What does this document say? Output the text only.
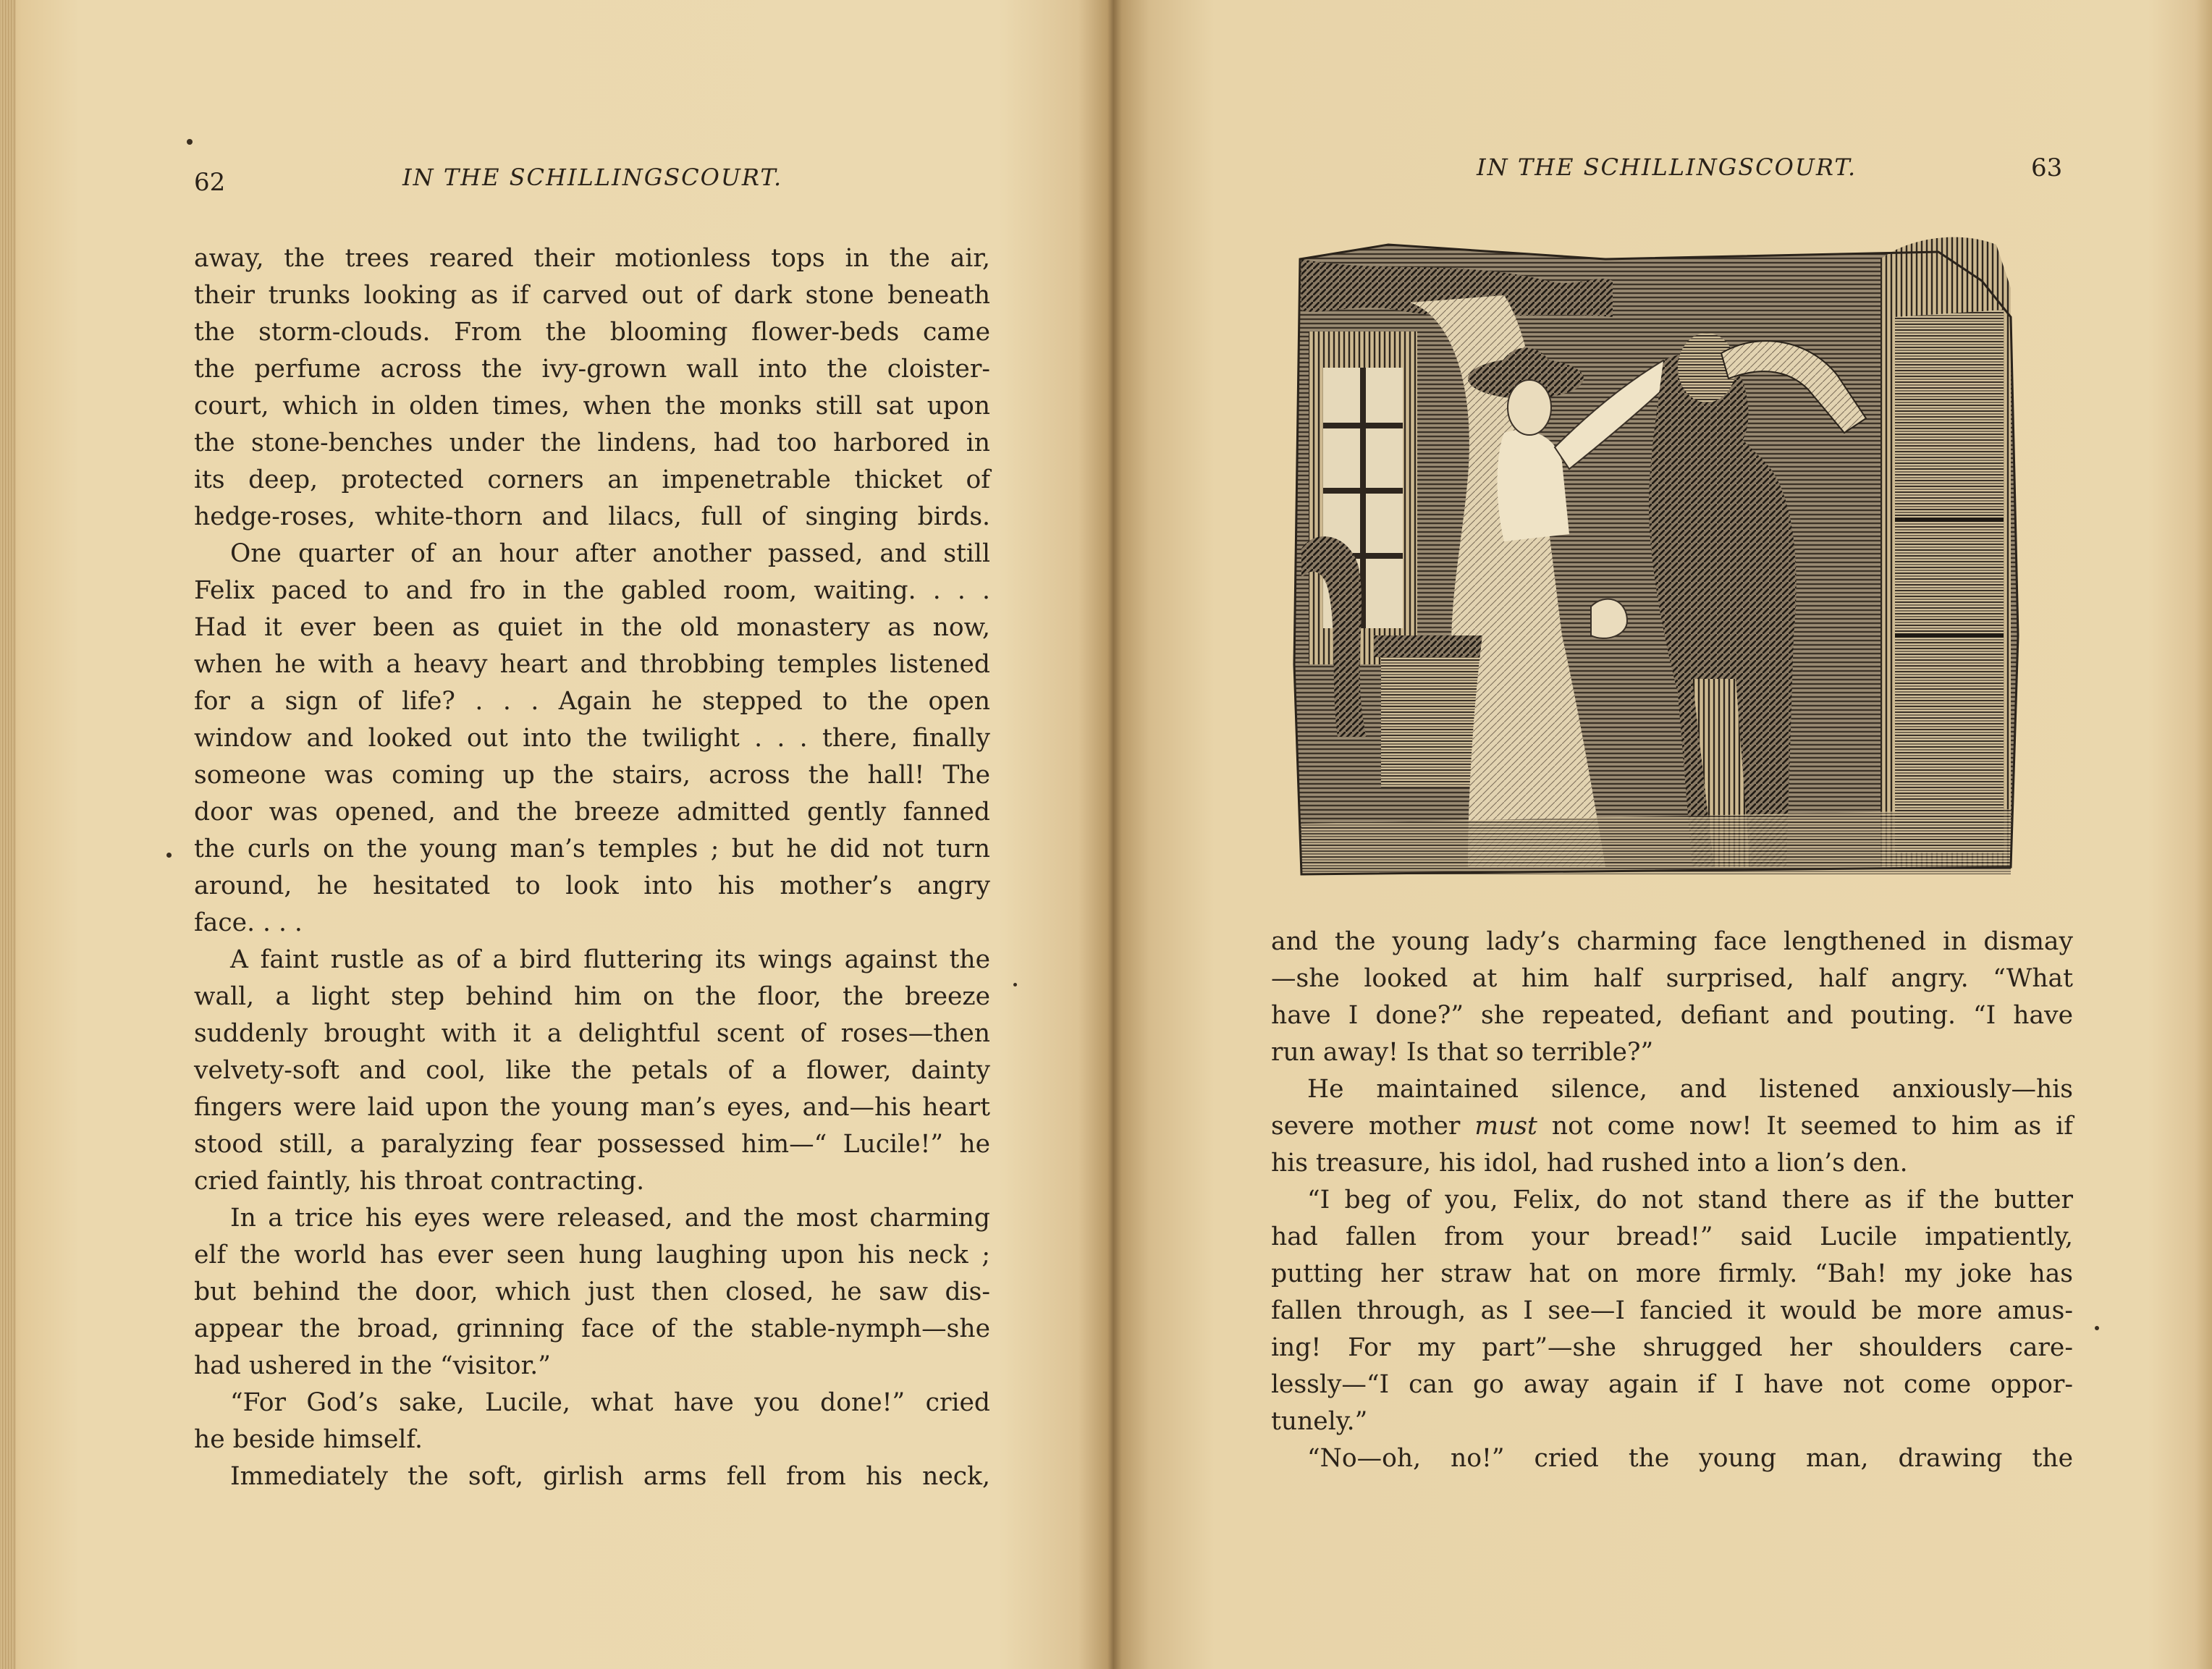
62	IN THE SCHILLINGSCOURT.
away, the trees reared their motionless tops in the air,
their trunks looking as if carved out of dark stone beneath
the storm-clouds. From the blooming flower-beds came
the perfume across the ivy-grown wall into the cloister-
court, which in olden times, when the monks still sat upon
the stone-benches under the lindens, had too harbored in
its deep, protected corners an impenetrable thicket of
hedge-roses, white-thorn and lilacs, full of singing birds.
One quarter of an hour after another passed, and still
Felix paced to and fro in the gabled room, waiting. . . .
Had it ever been as quiet in the old monastery as now,
when he with a heavy heart and throbbing temples listened
for a sign of life? . . . Again he stepped to the open
window and looked out into the twilight . . . there, finally
someone was coming up the stairs, across the hall! The
door was opened, and the breeze admitted gently fanned
the curls on the young man’s temples ; but he did not turn
around, he hesitated to look into his mother’s angry
face. . . .
A faint rustle as of a bird fluttering its wings against the
wall, a light step behind him on the floor, the breeze
suddenly brought with it a delightful scent of roses—then
velvety-soft and cool, like the petals of a flower, dainty
fingers were laid upon the young man’s eyes, and—his heart
stood still, a paralyzing fear possessed him—“ Lucile!” he
cried faintly, his throat contracting.
In a trice his eyes were released, and the most charming
elf the world has ever seen hung laughing upon his neck ;
but behind the door, which just then closed, he saw dis-
appear the broad, grinning face of the stable-nymph—she
had ushered in the “visitor.”
“For God’s sake, Lucile, what have you done!” cried
he beside himself.
Immediately the soft, girlish arms fell from his neck,
IN THE SCHILLINGSCOURT.	63
and the young lady’s charming face lengthened in dismay
—she looked at him half surprised, half angry. “What
have I done?” she repeated, defiant and pouting. “I have
run away! Is that so terrible?”
He maintained silence, and listened anxiously—his
severe mother must not come now! It seemed to him as if
his treasure, his idol, had rushed into a lion’s den.
“I beg of you, Felix, do not stand there as if the butter
had fallen from your bread!” said Lucile impatiently,
putting her straw hat on more firmly. “Bah! my joke has
fallen through, as I see—I fancied it would be more amus-
ing! For my part”—she shrugged her shoulders care-
lessly—“I can go away again if I have not come oppor-
tunely.”
“No—oh, no!” cried the young man, drawing the
